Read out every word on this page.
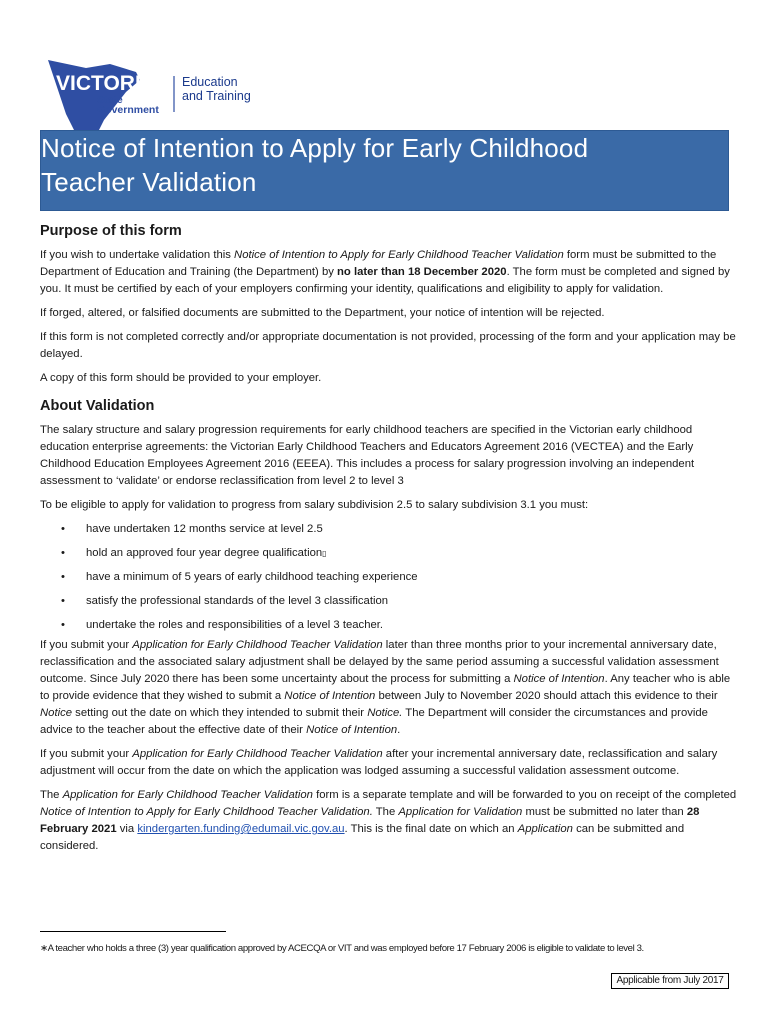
VICTORIA
State
Government
Education
and Training
Notice of Intention to Apply for Early Childhood
Teacher Validation
Purpose of this form

If you wish to undertake validation this Notice of Intention to Apply for Early Childhood Teacher Validation form must be submitted to the Department of Education and Training (the Department) by no later than 18 December 2020. The form must be completed and signed by you. It must be certified by each of your employers confirming your identity, qualifications and eligibility to apply for validation.

If forged, altered, or falsified documents are submitted to the Department, your notice of intention will be rejected.

If this form is not completed correctly and/or appropriate documentation is not provided, processing of the form and your application may be delayed.

A copy of this form should be provided to your employer.

About Validation

The salary structure and salary progression requirements for early childhood teachers are specified in the Victorian early childhood education enterprise agreements: the Victorian Early Childhood Teachers and Educators Agreement 2016 (VECTEA) and the Early Childhood Education Employees Agreement 2016 (EEEA). This includes a process for salary progression involving an independent assessment to ‘validate’ or endorse reclassification from level 2 to level 3

To be eligible to apply for validation to progress from salary subdivision 2.5 to salary subdivision 3.1 you must:

• have undertaken 12 months service at level 2.5
• hold an approved four year degree qualification▯
• have a minimum of 5 years of early childhood teaching experience
• satisfy the professional standards of the level 3 classification
• undertake the roles and responsibilities of a level 3 teacher.

If you submit your Application for Early Childhood Teacher Validation later than three months prior to your incremental anniversary date, reclassification and the associated salary adjustment shall be delayed by the same period assuming a successful validation assessment outcome. Since July 2020 there has been some uncertainty about the process for submitting a Notice of Intention. Any teacher who is able to provide evidence that they wished to submit a Notice of Intention between July to November 2020 should attach this evidence to their Notice setting out the date on which they intended to submit their Notice. The Department will consider the circumstances and provide advice to the teacher about the effective date of their Notice of Intention.

If you submit your Application for Early Childhood Teacher Validation after your incremental anniversary date, reclassification and salary adjustment will occur from the date on which the application was lodged assuming a successful validation assessment outcome.

The Application for Early Childhood Teacher Validation form is a separate template and will be forwarded to you on receipt of the completed Notice of Intention to Apply for Early Childhood Teacher Validation. The Application for Validation must be submitted no later than 28 February 2021 via kindergarten.funding@edumail.vic.gov.au. This is the final date on which an Application can be submitted and considered.

∗A teacher who holds a three (3) year qualification approved by ACECQA or VIT and was employed before 17 February 2006 is eligible to validate to level 3.
Applicable from July 2017
